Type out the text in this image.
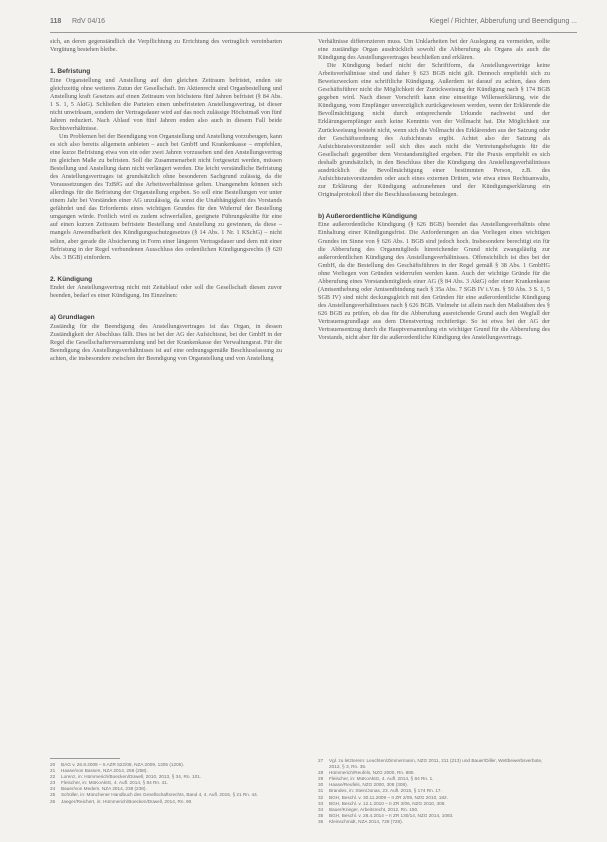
118 RdV 04/16	Kiegel / Richter, Abberufung und Beendigung ...

sich, an deren gegenständlich die Verpflichtung zu Errichtung des vertraglich vereinbarten Vergütung bestehen bleibe.

1. Befristung

Eine Organstellung und Anstellung auf den gleichen Zeitraum befristet, enden sie gleichzeitig ohne weiteres Zutun der Gesellschaft. Im Aktienrecht sind Organbestellung und Anstellung kraft Gesetzes auf einen Zeitraum von höchstens fünf Jahren befristet (§ 84 Abs. 1 S. 1, 5 AktG). Schließen die Parteien einen unbefristeten Anstellungsvertrag, ist dieser nicht unwirksam, sondern der Vertragsdauer wird auf das noch zulässige Höchstmaß von fünf Jahren reduziert. Nach Ablauf von fünf Jahren enden also auch in diesem Fall beide Rechtsverhältnisse.

Um Problemen bei der Beendigung von Organstellung und Anstellung vorzubeugen, kann es sich also bereits allgemein anbieten – auch bei GmbH und Krankenkasse – empfehlen, eine kurze Befristung etwa von ein oder zwei Jahren vorzusehen und den Anstellungsvertrag im gleichen Maße zu befristen. Soll die Zusammenarbeit nicht fortgesetzt werden, müssen Bestellung und Anstellung dann nicht verlängert werden. Die leicht verständliche Befristung des Anstellungsvertrages ist grundsätzlich ohne besonderen Sachgrund zulässig, da die Voraussetzungen des TzBfG auf die Arbeitsverhältnisse gelten. Unangenehm können sich allerdings für die Befristung der Organstellung ergeben. So soll eine Bestellungen vor unter einem Jahr bei Vorständen einer AG unzulässig, da sonst die Unabhängigkeit des Vorstands gefährdet und das Erfordernis eines wichtigen Grundes für den Widerruf der Bestellung umgangen würde. Freilich wird es zudem schwerfallen, geeignete Führungskräfte für eine auf einen kurzen Zeitraum befristete Bestellung und Anstellung zu gewinnen, da diese – mangels Anwendbarkeit des Kündigungsschutzgesetzes (§ 14 Abs. 1 Nr. 1 KSchG) – nicht selten, aber gerade die Absicherung in Form einer längeren Vertragsdauer und dem mit einer Befristung in der Regel verbundenen Ausschluss des ordentlichen Kündigungsrechts (§ 620 Abs. 3 BGB) einfordern.

2. Kündigung

Endet der Anstellungsvertrag nicht mit Zeitablauf oder soll die Gesellschaft diesen zuvor beenden, bedarf es einer Kündigung. Im Einzelnen:

a) Grundlagen

Zuständig für die Beendigung des Anstellungsvertrages ist das Organ, in dessen Zuständigkeit der Abschluss fällt. Dies ist bei der AG der Aufsichtsrat, bei der GmbH in der Regel die Gesellschafterversammlung und bei der Krankenkasse der Verwaltungsrat. Für die Beendigung des Anstellungsverhältnisses ist auf eine ordnungsgemäße Beschlussfassung zu achten, die insbesondere zwischen der Beendigung von Organstellung und von Anstellung

Verhältnisse differenzieren muss. Um Unklarheiten bei der Auslegung zu vermeiden, sollte eine zuständige Organ ausdrücklich sowohl die Abberufung als Organs als auch die Kündigung des Anstellungsvertrages beschließen und erklären.

Die Kündigung bedarf nicht der Schriftform, da Anstellungsverträge keine Arbeitsverhältnisse sind und daher § 623 BGB nicht gilt. Dennoch empfiehlt sich zu Beweiszwecken eine schriftliche Kündigung. Außerdem ist darauf zu achten, dass dem Geschäftsführer nicht die Möglichkeit der Zurückweisung der Kündigung nach § 174 BGB gegeben wird. Nach dieser Vorschrift kann eine einseitige Willenserklärung, wie die Kündigung, vom Empfänger unverzüglich zurückgewiesen werden, wenn der Erklärende die Bevollmächtigung nicht durch entsprechende Urkunde nachweist und der Erklärungsempfänger auch keine Kenntnis von der Vollmacht hat. Die Möglichkeit zur Zurückweisung besteht nicht, wenn sich die Vollmacht des Erklärenden aus der Satzung oder der Geschäftsordnung des Aufsichtsrats ergibt. Achtet also der Satzung als Aufsichtsratsvorsitzender soll sich dies auch nicht die Vertretungsbefugnis für die Gesellschaft gegenüber dem Vorstandsmitglied ergeben. Für die Praxis empfiehlt es sich deshalb grundsätzlich, in den Beschluss über die Kündigung des Anstellungsverhältnisses ausdrücklich die Bevollmächtigung einer bestimmten Person, z.B. des Aufsichtsratsvorsitzenden oder auch eines externen Dritten, wie etwa eines Rechtsanwalts, zur Erklärung der Kündigung aufzunehmen und der Kündigungserklärung ein Originalprotokoll über die Beschlussfassung beizulegen.

b) Außerordentliche Kündigung

Eine außerordentliche Kündigung (§ 626 BGB) beendet das Anstellungsverhältnis ohne Einhaltung einer Kündigungsfrist. Die Anforderungen an das Vorliegen eines wichtigen Grundes im Sinne von § 626 Abs. 1 BGB sind jedoch hoch. Insbesondere berechtigt ein für die Abberufung des Organmitglieds hinreichender Grund nicht zwangsläufig zur außerordentlichen Kündigung des Anstellungsverhältnisses. Offensichtlich ist dies bei der GmbH, da die Bestellung des Geschäftsführers in der Regel gemäß § 38 Abs. 1 GmbHG ohne Vorliegen von Gründen widerrufen werden kann. Auch der wichtige Gründe für die Abberufung eines Vorstandsmitglieds einer AG (§ 84 Abs. 3 AktG) oder einer Krankenkasse (Amtsenthebung oder Amtsentbindung nach § 35a Abs. 7 SGB IV i.V.m. § 59 Abs. 3 S. 1, 5 SGB IV) sind nicht deckungsgleich mit den Gründen für eine außerordentliche Kündigung des Anstellungsverhältnisses nach § 626 BGB. Vielmehr ist allein nach den Maßstäben des § 626 BGB zu prüfen, ob das für die Abberufung ausreichende Grund auch den Wegfall der Vertrauensgrundlage aus dem Dienstvertrag rechtfertige. So ist etwa bei der AG der Vertrauensentzug durch die Hauptversammlung ein wichtiger Grund für die Abberufung des Vorstands, nicht aber für die außerordentliche Kündigung des Anstellungsvertrags.

20	BAG v. 26.8.2009 – 5 AZR 522/08, NZA 2009, 1205 (1206).
21	Haase/von Bassen, NZA 2014, 258 (258).
22	Lorenz, in: Hümmerich/Boecken/Düwell, 2010, 2013, § 34, Rn. 101.
23	Fleischer, in: MüKoAktG, 4. Aufl. 2014, § 84 Rn. 41.
24	Bauer/von Medem, NZA 2014, 238 (238).
25	Schüller, in: Münchener Handbuch des Gesellschaftsrechts, Band 4, 4. Aufl. 2015, § 21 Rn. 44.
26	Jaeger/Reichert, in: Hümmerich/Boecken/Düwell, 2014, Rn. 90.
27	Vgl. zu letzterem: Leuchten/Zimmermann, NZG 2011, 211 (213) und Bauer/Diller, Wettbewerbsverbote, 2012, § 3, Rn. 35.
28	Hümmerich/Reufels, NZG 2000, Rn. 880.
29	Fleischer, in: MüKoAktG, 4. Aufl. 2014, § 84 Rn. 1.
30	Haase/Reufels, NZG 2000, 308 (308).
31	Brandes, in: Stein/Jonas, 23. Aufl. 2015, § 174 Rn. 17.
32	BGH, Beschl. v. 30.11.2009 – II ZR 2/09, NZG 2010, 182.
33	BGH, Beschl. v. 12.1.2010 – II ZR 3/06, NZG 2010, 308.
34	Bauer/Krieger, Arbeitsrecht, 2012, Rn. 150.
35	BGH, Beschl. v. 28.4.2014 – II ZR 130/14, NZG 2014, 1083.
36	Kleinschmidt, NZA 2014, 728 (728).
